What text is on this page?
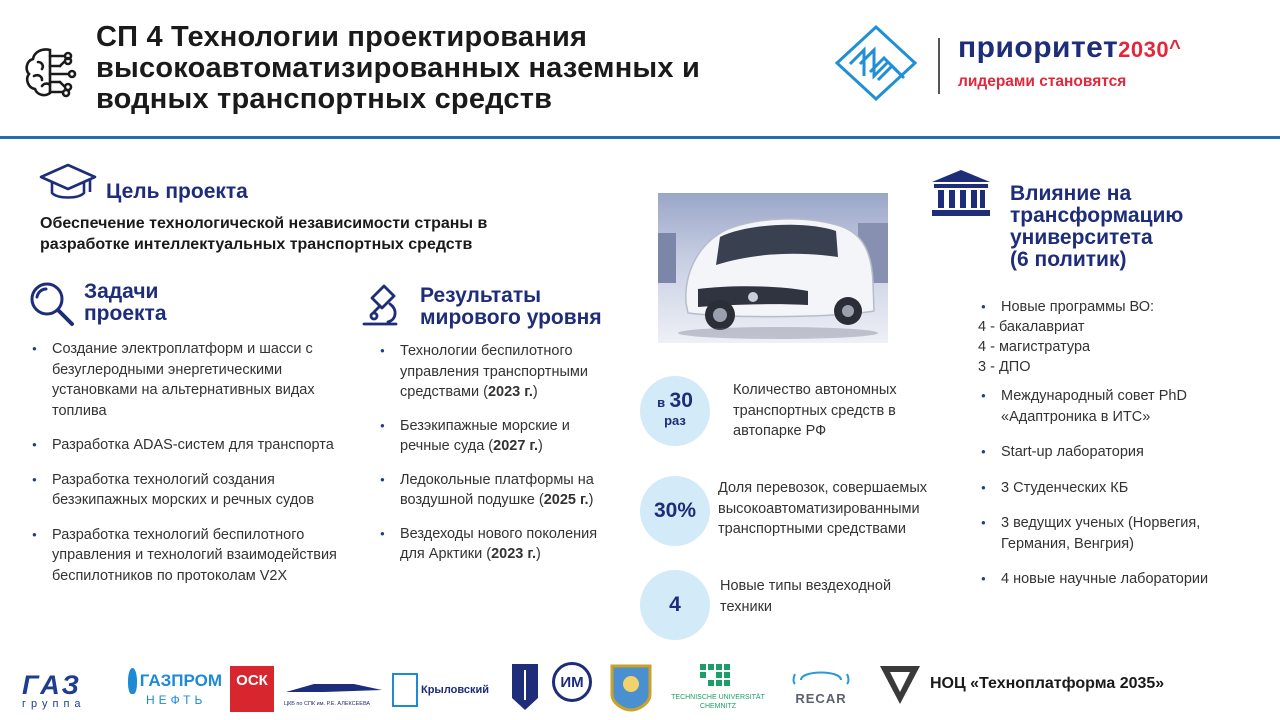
СП 4 Технологии проектирования высокоавтоматизированных наземных и водных транспортных средств
приоритет2030^
лидерами становятся
Цель проекта
Обеспечение технологической независимости страны в разработке интеллектуальных транспортных средств
Задачи
проекта
● Создание электроплатформ и шасси с безуглеродными энергетическими установками на альтернативных видах топлива
● Разработка ADAS-систем для транспорта
● Разработка технологий создания безэкипажных морских и речных судов
● Разработка технологий беспилотного управления и технологий взаимодействия беспилотников по протоколам V2X
Результаты
мирового уровня
● Технологии беспилотного управления транспортными средствами (2023 г.)
● Безэкипажные морские и речные суда (2027 г.)
● Ледокольные платформы на воздушной подушке (2025 г.)
● Вездеходы нового поколения для Арктики (2023 г.)
в 30
раз
Количество автономных транспортных средств в автопарке РФ
30%
Доля перевозок, совершаемых высокоавтоматизированными транспортными средствами
4
Новые типы вездеходной техники
Влияние на
трансформацию
университета
(6 политик)
● Новые программы ВО:
4 - бакалавриат
4 - магистратура
3 - ДПО
● Международный совет PhD «Адаптроника в ИТС»
● Start-up лаборатория
● 3 Студенческих КБ
● 3 ведущих ученых (Норвегия, Германия, Венгрия)
● 4 новые научные лаборатории
ГАЗ
группа
ГАЗПРОМ
НЕФТЬ
ОСК
ЦКБ по СПК им. Р.Е. АЛЕКСЕЕВА
Крыловский	ИМ
TECHNISCHE UNIVERSITÄT
CHEMNITZ
RECAR
НОЦ «Технoплатформа 2035»
